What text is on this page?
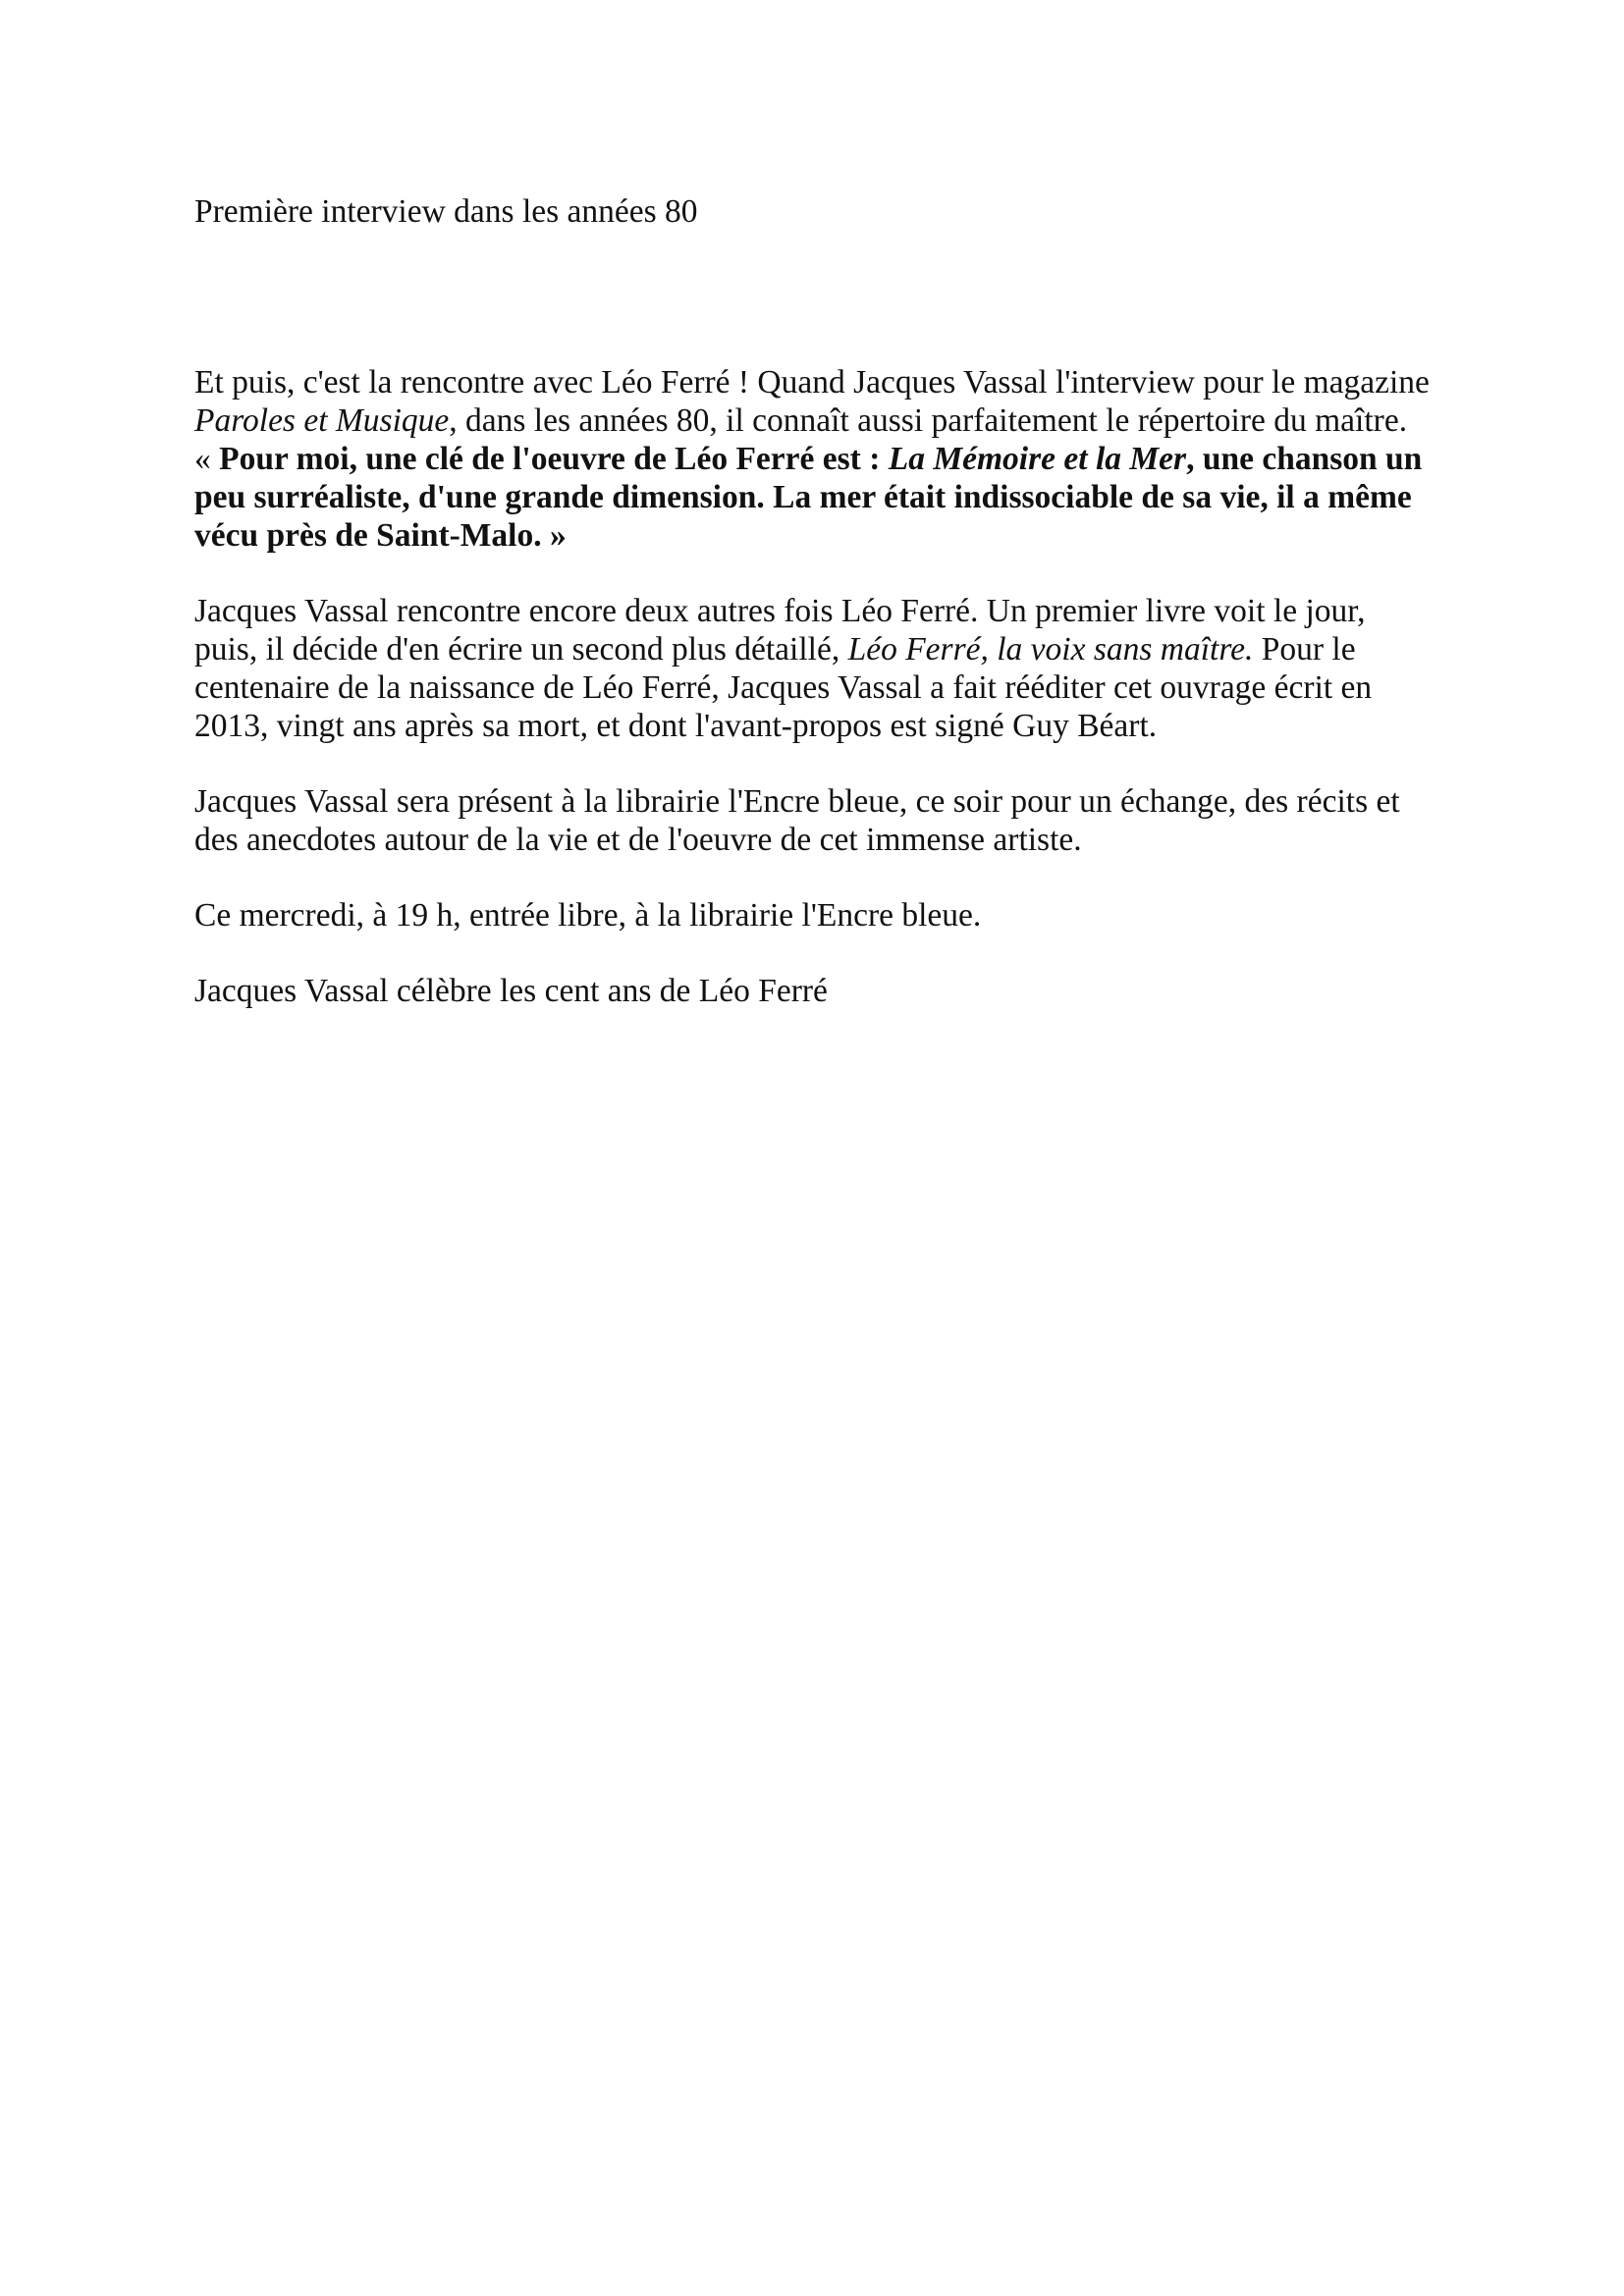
Première interview dans les années 80

Et puis, c'est la rencontre avec Léo Ferré ! Quand Jacques Vassal l'interview pour le magazine Paroles et Musique, dans les années 80, il connaît aussi parfaitement le répertoire du maître. « Pour moi, une clé de l'oeuvre de Léo Ferré est : La Mémoire et la Mer, une chanson un peu surréaliste, d'une grande dimension. La mer était indissociable de sa vie, il a même vécu près de Saint-Malo. »

Jacques Vassal rencontre encore deux autres fois Léo Ferré. Un premier livre voit le jour, puis, il décide d'en écrire un second plus détaillé, Léo Ferré, la voix sans maître. Pour le centenaire de la naissance de Léo Ferré, Jacques Vassal a fait rééditer cet ouvrage écrit en 2013, vingt ans après sa mort, et dont l'avant-propos est signé Guy Béart.

Jacques Vassal sera présent à la librairie l'Encre bleue, ce soir pour un échange, des récits et des anecdotes autour de la vie et de l'oeuvre de cet immense artiste.

Ce mercredi, à 19 h, entrée libre, à la librairie l'Encre bleue.

Jacques Vassal célèbre les cent ans de Léo Ferré
